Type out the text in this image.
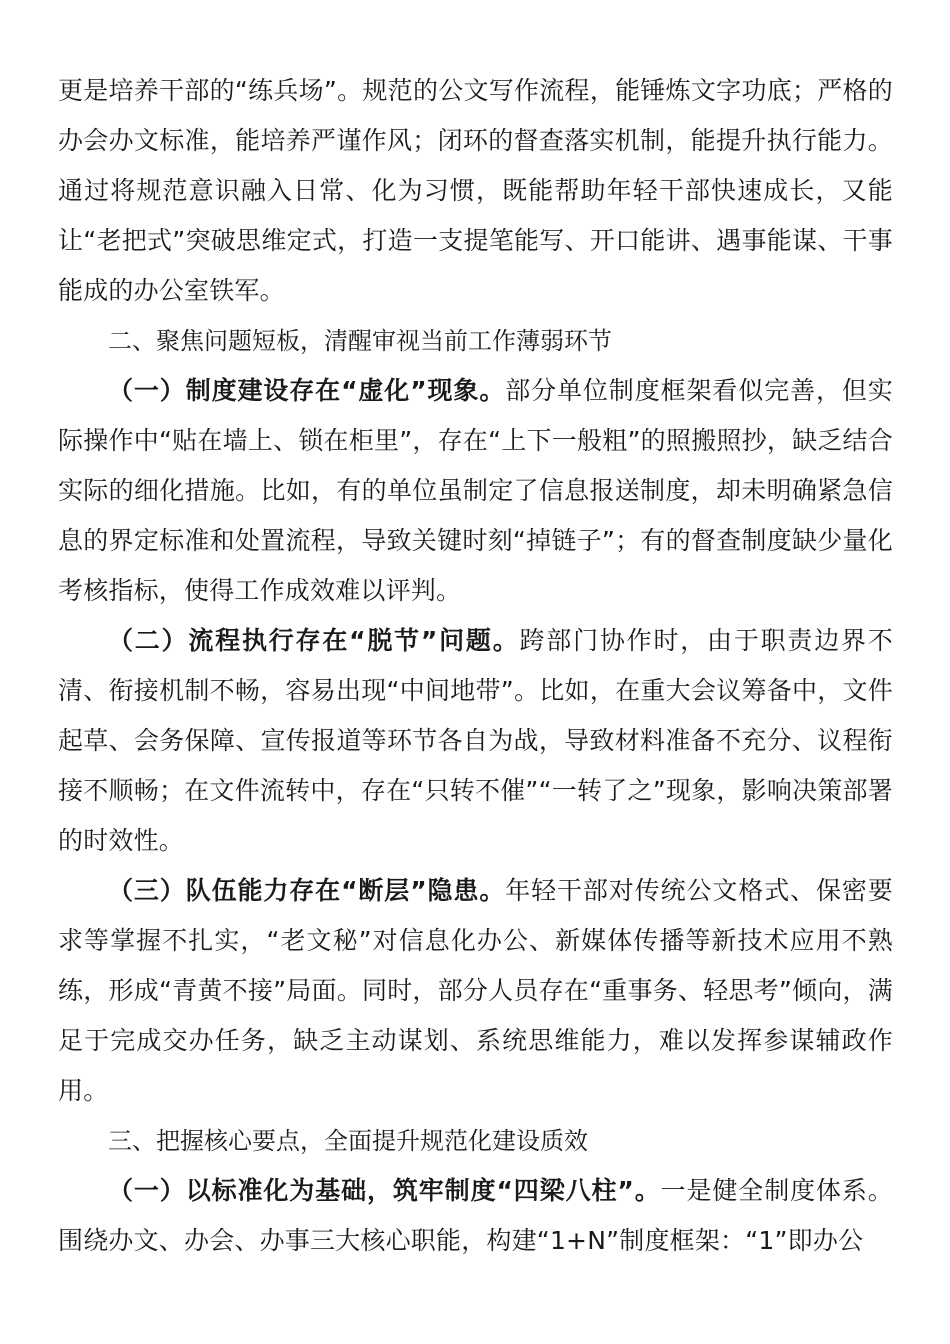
更是培养干部的“练兵场”。规范的公文写作流程，能锤炼文字功底；严格的办会办文标准，能培养严谨作风；闭环的督查落实机制，能提升执行能力。通过将规范意识融入日常、化为习惯，既能帮助年轻干部快速成长，又能让“老把式”突破思维定式，打造一支提笔能写、开口能讲、遇事能谋、干事能成的办公室铁军。

二、聚焦问题短板，清醒审视当前工作薄弱环节

（一）制度建设存在“虚化”现象。部分单位制度框架看似完善，但实际操作中“贴在墙上、锁在柜里”，存在“上下一般粗”的照搬照抄，缺乏结合实际的细化措施。比如，有的单位虽制定了信息报送制度，却未明确紧急信息的界定标准和处置流程，导致关键时刻“掉链子”；有的督查制度缺少量化考核指标，使得工作成效难以评判。

（二）流程执行存在“脱节”问题。跨部门协作时，由于职责边界不清、衔接机制不畅，容易出现“中间地带”。比如，在重大会议筹备中，文件起草、会务保障、宣传报道等环节各自为战，导致材料准备不充分、议程衔接不顺畅；在文件流转中，存在“只转不催”“一转了之”现象，影响决策部署的时效性。

（三）队伍能力存在“断层”隐患。年轻干部对传统公文格式、保密要求等掌握不扎实，“老文秘”对信息化办公、新媒体传播等新技术应用不熟练，形成“青黄不接”局面。同时，部分人员存在“重事务、轻思考”倾向，满足于完成交办任务，缺乏主动谋划、系统思维能力，难以发挥参谋辅政作用。

三、把握核心要点，全面提升规范化建设质效

（一）以标准化为基础，筑牢制度“四梁八柱”。一是健全制度体系。围绕办文、办会、办事三大核心职能，构建“1+N”制度框架：“1”即办公
